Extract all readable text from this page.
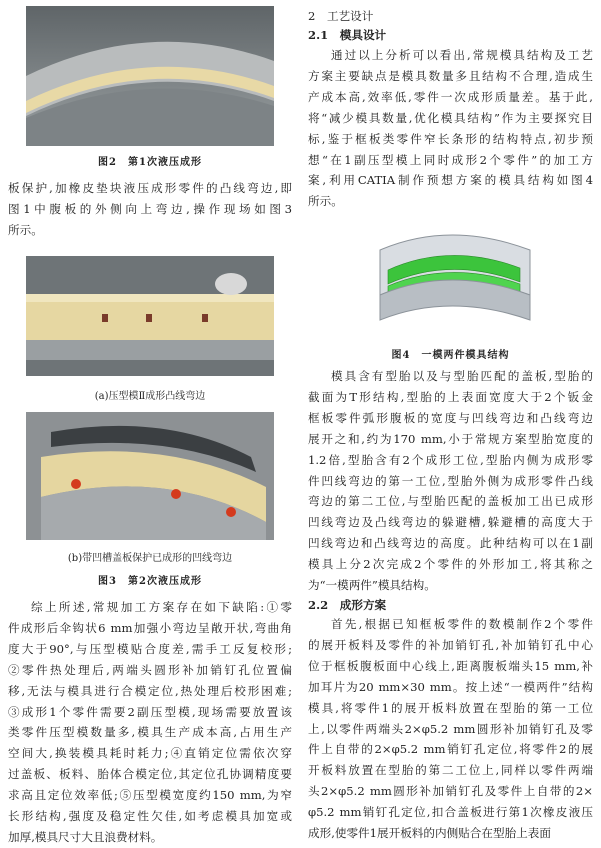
图2　第1次液压成形
板保护,加橡皮垫块液压成形零件的凸线弯边,即
图1中腹板的外侧向上弯边,操作现场如图3
所示。
(a)压型模Ⅱ成形凸线弯边
(b)带凹槽盖板保护已成形的凹线弯边
图3　第2次液压成形
综上所述,常规加工方案存在如下缺陷:①零
件成形后伞钩状6 mm加强小弯边呈敞开状,弯曲角
度大于90°,与压型模贴合度差,需手工反复校形;
②零件热处理后,两端头圆形补加销钉孔位置偏
移,无法与模具进行合模定位,热处理后校形困难;
③成形1个零件需要2副压型模,现场需要放置该
类零件压型模数量多,模具生产成本高,占用生产
空间大,换装模具耗时耗力;④直销定位需依次穿
过盖板、板料、胎体合模定位,其定位孔协调精度要
求高且定位效率低;⑤压型模宽度约150 mm,为窄
长形结构,强度及稳定性欠佳,如考虑模具加宽或
加厚,模具尺寸大且浪费材料。
2　工艺设计
2.1　模具设计
通过以上分析可以看出,常规模具结构及工艺
方案主要缺点是模具数量多且结构不合理,造成生
产成本高,效率低,零件一次成形质量差。基于此,
将“减少模具数量,优化模具结构”作为主要探究目
标,鉴于框板类零件窄长条形的结构特点,初步预
想“在1副压型模上同时成形2个零件”的加工方
案,利用CATIA制作预想方案的模具结构如图4
所示。
图4　一模两件模具结构
模具含有型胎以及与型胎匹配的盖板,型胎的
截面为T形结构,型胎的上表面宽度大于2个钣金
框板零件弧形腹板的宽度与凹线弯边和凸线弯边
展开之和,约为170 mm,小于常规方案型胎宽度的
1.2倍,型胎含有2个成形工位,型胎内侧为成形零
件凹线弯边的第一工位,型胎外侧为成形零件凸线
弯边的第二工位,与型胎匹配的盖板加工出已成形
凹线弯边及凸线弯边的躲避槽,躲避槽的高度大于
凹线弯边和凸线弯边的高度。此种结构可以在1副
模具上分2次完成2个零件的外形加工,将其称之
为“一模两件”模具结构。
2.2　成形方案
首先,根据已知框板零件的数模制作2个零件
的展开板料及零件的补加销钉孔,补加销钉孔中心
位于框板腹板面中心线上,距离腹板端头15 mm,补
加耳片为20 mm×30 mm。按上述“一模两件”结构
模具,将零件1的展开板料放置在型胎的第一工位
上,以零件两端头2×φ5.2 mm圆形补加销钉孔及零
件上自带的2×φ5.2 mm销钉孔定位,将零件2的展
开板料放置在型胎的第二工位上,同样以零件两端
头2×φ5.2 mm圆形补加销钉孔及零件上自带的2×
φ5.2 mm销钉孔定位,扣合盖板进行第1次橡皮液压
成形,使零件1展开板料的内侧贴合在型胎上表面
